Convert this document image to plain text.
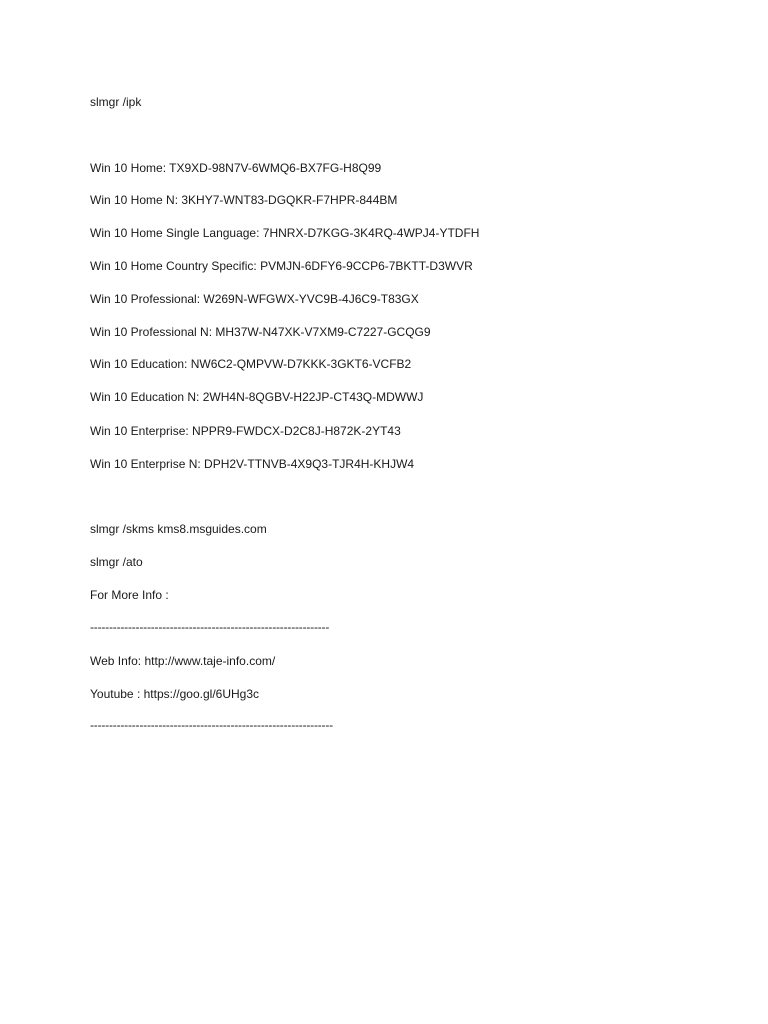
slmgr /ipk
Win 10 Home: TX9XD-98N7V-6WMQ6-BX7FG-H8Q99
Win 10 Home N: 3KHY7-WNT83-DGQKR-F7HPR-844BM
Win 10 Home Single Language: 7HNRX-D7KGG-3K4RQ-4WPJ4-YTDFH
Win 10 Home Country Specific: PVMJN-6DFY6-9CCP6-7BKTT-D3WVR
Win 10 Professional: W269N-WFGWX-YVC9B-4J6C9-T83GX
Win 10 Professional N: MH37W-N47XK-V7XM9-C7227-GCQG9
Win 10 Education: NW6C2-QMPVW-D7KKK-3GKT6-VCFB2
Win 10 Education N: 2WH4N-8QGBV-H22JP-CT43Q-MDWWJ
Win 10 Enterprise: NPPR9-FWDCX-D2C8J-H872K-2YT43
Win 10 Enterprise N: DPH2V-TTNVB-4X9Q3-TJR4H-KHJW4
slmgr /skms kms8.msguides.com
slmgr /ato
For More Info :
---------------------------------------------------------------
Web Info: http://www.taje-info.com/
Youtube : https://goo.gl/6UHg3c
----------------------------------------------------------------
